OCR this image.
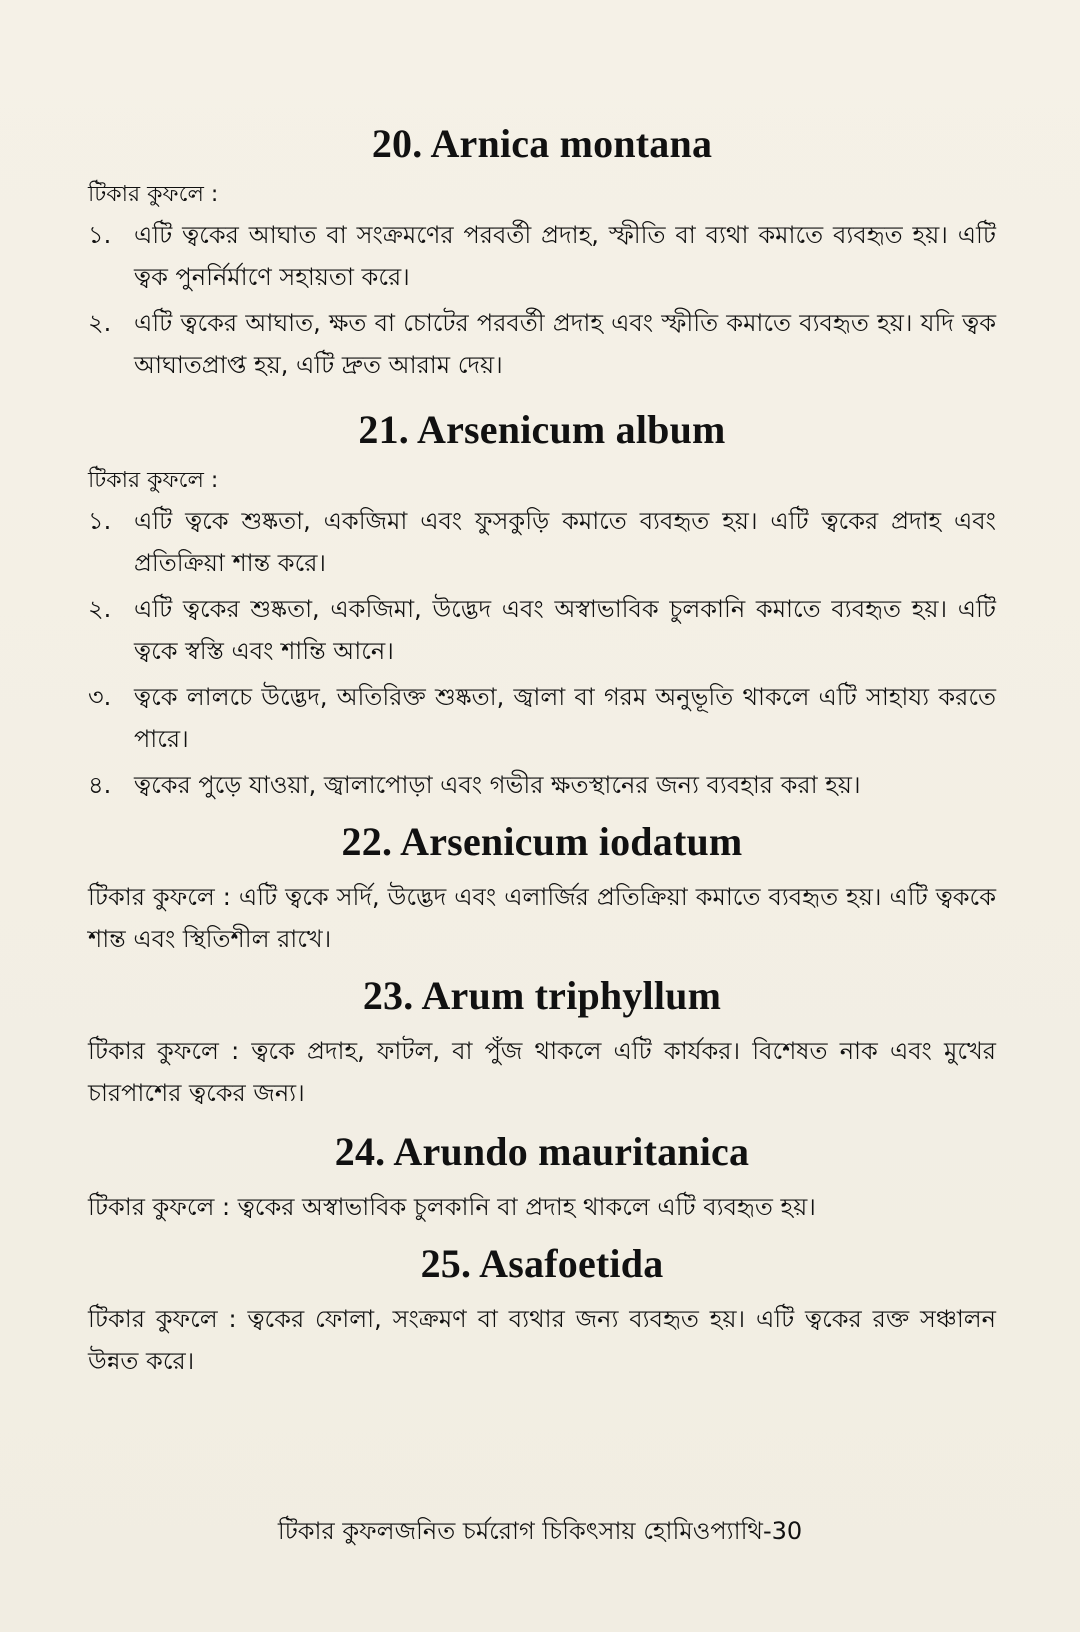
20. Arnica montana
টিকার কুফলে :
১. এটি ত্বকের আঘাত বা সংক্রমণের পরবর্তী প্রদাহ, স্ফীতি বা ব্যথা কমাতে ব্যবহৃত হয়। এটি ত্বক পুনর্নির্মাণে সহায়তা করে।
২. এটি ত্বকের আঘাত, ক্ষত বা চোটের পরবর্তী প্রদাহ এবং স্ফীতি কমাতে ব্যবহৃত হয়। যদি ত্বক আঘাতপ্রাপ্ত হয়, এটি দ্রুত আরাম দেয়।
21. Arsenicum album
টিকার কুফলে :
১. এটি ত্বকে শুষ্কতা, একজিমা এবং ফুসকুড়ি কমাতে ব্যবহৃত হয়। এটি ত্বকের প্রদাহ এবং প্রতিক্রিয়া শান্ত করে।
২. এটি ত্বকের শুষ্কতা, একজিমা, উদ্ভেদ এবং অস্বাভাবিক চুলকানি কমাতে ব্যবহৃত হয়। এটি ত্বকে স্বস্তি এবং শান্তি আনে।
৩. ত্বকে লালচে উদ্ভেদ, অতিরিক্ত শুষ্কতা, জ্বালা বা গরম অনুভূতি থাকলে এটি সাহায্য করতে পারে।
৪. ত্বকের পুড়ে যাওয়া, জ্বালাপোড়া এবং গভীর ক্ষতস্থানের জন্য ব্যবহার করা হয়।
22. Arsenicum iodatum

টিকার কুফলে : এটি ত্বকে সর্দি, উদ্ভেদ এবং এলার্জির প্রতিক্রিয়া কমাতে ব্যবহৃত হয়। এটি ত্বককে শান্ত এবং স্থিতিশীল রাখে।

23. Arum triphyllum

টিকার কুফলে : ত্বকে প্রদাহ, ফাটল, বা পুঁজ থাকলে এটি কার্যকর। বিশেষত নাক এবং মুখের চারপাশের ত্বকের জন্য।

24. Arundo mauritanica

টিকার কুফলে : ত্বকের অস্বাভাবিক চুলকানি বা প্রদাহ থাকলে এটি ব্যবহৃত হয়।

25. Asafoetida

টিকার কুফলে : ত্বকের ফোলা, সংক্রমণ বা ব্যথার জন্য ব্যবহৃত হয়। এটি ত্বকের রক্ত সঞ্চালন উন্নত করে।

টিকার কুফলজনিত চর্মরোগ চিকিৎসায় হোমিওপ্যাথি-30
